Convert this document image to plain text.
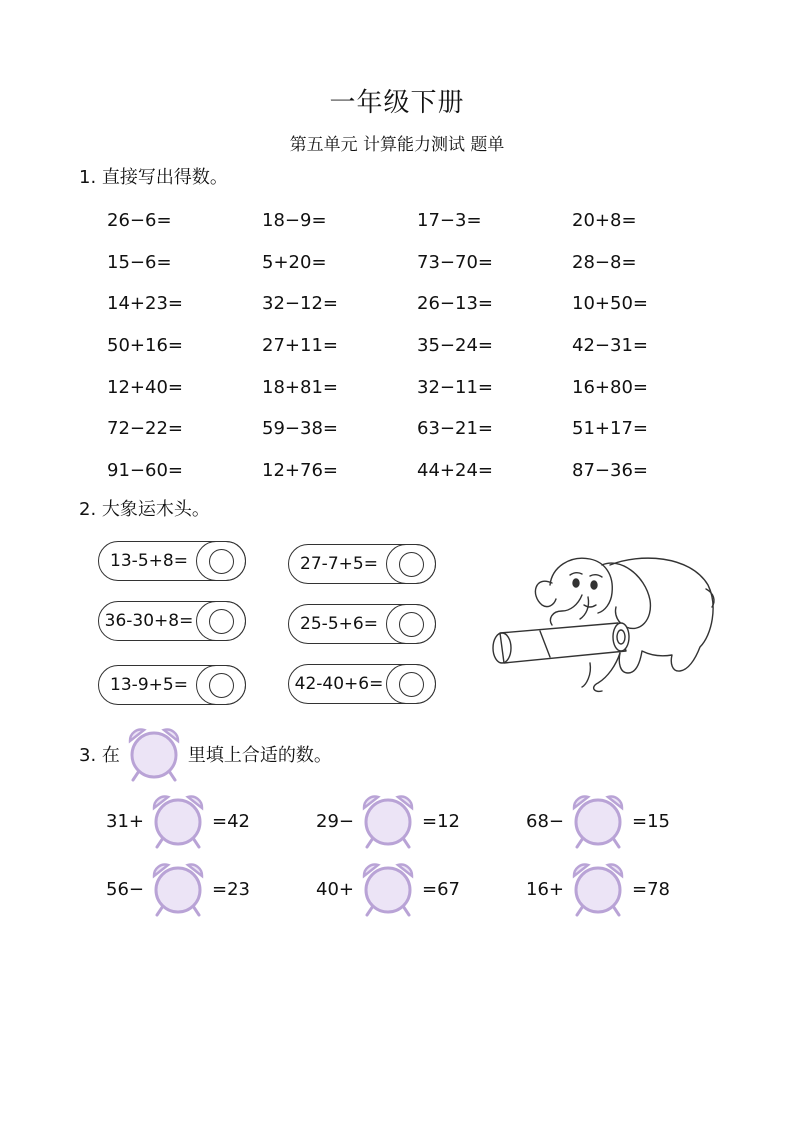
一年级下册
第五单元 计算能力测试 题单
1. 直接写出得数。
26−6=	18−9=	17−3=	20+8=
15−6=	5+20=	73−70=	28−8=
14+23=	32−12=	26−13=	10+50=
50+16=	27+11=	35−24=	42−31=
12+40=	18+81=	32−11=	16+80=
72−22=	59−38=	63−21=	51+17=
91−60=	12+76=	44+24=	87−36=
2. 大象运木头。
13-5+8=	27-7+5=
36-30+8=	25-5+6=
13-9+5=	42-40+6=
3. 在	里填上合适的数。
31+	=42	29−	=12	68−	=15
56−	=23	40+	=67	16+	=78
